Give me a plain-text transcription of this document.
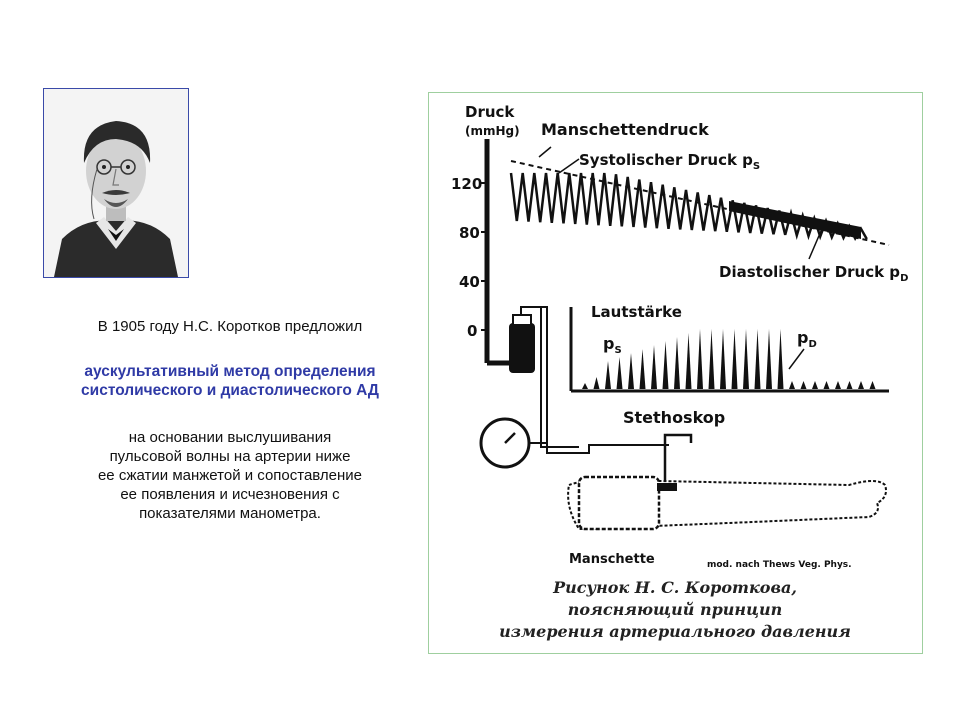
В 1905 году Н.С. Коротков предложил
аускультативный метод определения
систолического и диастолического АД
на основании выслушивания
пульсовой волны на артерии ниже
ее сжатии манжетой и сопоставление
ее появления и исчезновения с
показателями манометра.
Druck
(mmHg)
120
80
40
0
Manschettendruck
Systolischer Druck $p_S$
Diastolischer Druck $p_D$
Lautstärke
$p_S$
$p_D$
Stethoskop
Manschette	mod. nach Thews Veg. Phys.
Рисунок Н. С. Короткова,
поясняющий принцип
измерения артериального давления
